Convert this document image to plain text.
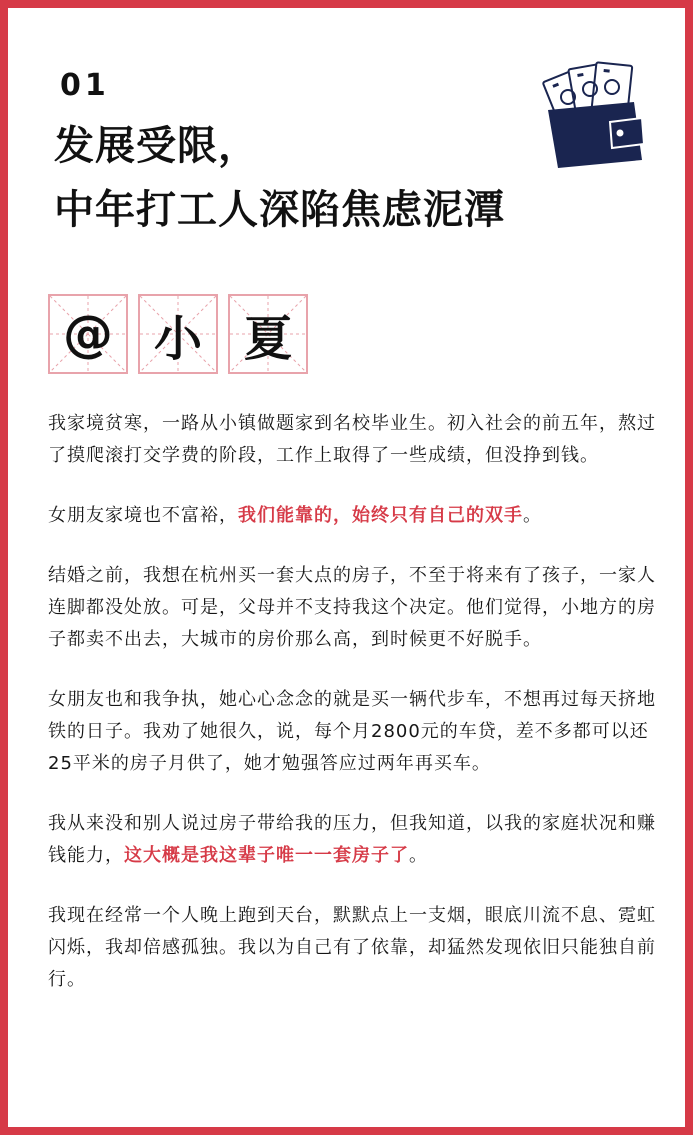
01
发展受限，
中年打工人深陷焦虑泥潭
@ 小 夏

我家境贫寒，一路从小镇做题家到名校毕业生。初入社会的前五年，熬过了摸爬滚打交学费的阶段，工作上取得了一些成绩，但没挣到钱。

女朋友家境也不富裕，我们能靠的，始终只有自己的双手。

结婚之前，我想在杭州买一套大点的房子，不至于将来有了孩子，一家人连脚都没处放。可是，父母并不支持我这个决定。他们觉得，小地方的房子都卖不出去，大城市的房价那么高，到时候更不好脱手。

女朋友也和我争执，她心心念念的就是买一辆代步车，不想再过每天挤地铁的日子。我劝了她很久，说，每个月2800元的车贷，差不多都可以还25平米的房子月供了，她才勉强答应过两年再买车。

我从来没和别人说过房子带给我的压力，但我知道，以我的家庭状况和赚钱能力，这大概是我这辈子唯一一套房子了。

我现在经常一个人晚上跑到天台，默默点上一支烟，眼底川流不息、霓虹闪烁，我却倍感孤独。我以为自己有了依靠，却猛然发现依旧只能独自前行。
